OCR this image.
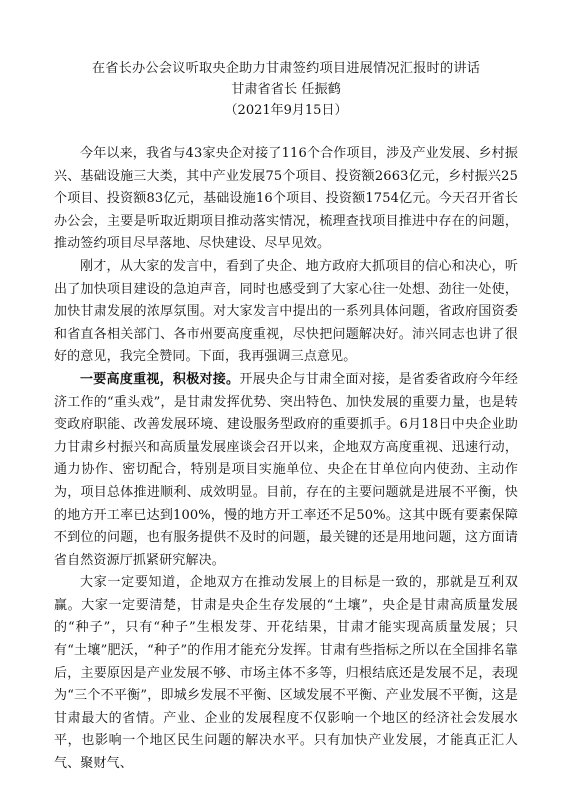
在省长办公会议听取央企助力甘肃签约项目进展情况汇报时的讲话

甘肃省省长 任振鹤

（2021年9月15日）

今年以来，我省与43家央企对接了116个合作项目，涉及产业发展、乡村振兴、基础设施三大类，其中产业发展75个项目、投资额2663亿元，乡村振兴25个项目、投资额83亿元，基础设施16个项目、投资额1754亿元。今天召开省长办公会，主要是听取近期项目推动落实情况，梳理查找项目推进中存在的问题，推动签约项目尽早落地、尽快建设、尽早见效。

刚才，从大家的发言中，看到了央企、地方政府大抓项目的信心和决心，听出了加快项目建设的急迫声音，同时也感受到了大家心往一处想、劲往一处使，加快甘肃发展的浓厚氛围。对大家发言中提出的一系列具体问题，省政府国资委和省直各相关部门、各市州要高度重视，尽快把问题解决好。沛兴同志也讲了很好的意见，我完全赞同。下面，我再强调三点意见。

一要高度重视，积极对接。开展央企与甘肃全面对接，是省委省政府今年经济工作的“重头戏”，是甘肃发挥优势、突出特色、加快发展的重要力量，也是转变政府职能、改善发展环境、建设服务型政府的重要抓手。6月18日中央企业助力甘肃乡村振兴和高质量发展座谈会召开以来，企地双方高度重视、迅速行动，通力协作、密切配合，特别是项目实施单位、央企在甘单位向内使劲、主动作为，项目总体推进顺利、成效明显。目前，存在的主要问题就是进展不平衡，快的地方开工率已达到100%，慢的地方开工率还不足50%。这其中既有要素保障不到位的问题，也有服务提供不及时的问题，最关键的还是用地问题，这方面请省自然资源厅抓紧研究解决。

大家一定要知道，企地双方在推动发展上的目标是一致的，那就是互利双赢。大家一定要清楚，甘肃是央企生存发展的“土壤”，央企是甘肃高质量发展的“种子”，只有“种子”生根发芽、开花结果，甘肃才能实现高质量发展；只有“土壤”肥沃，“种子”的作用才能充分发挥。甘肃有些指标之所以在全国排名靠后，主要原因是产业发展不够、市场主体不多等，归根结底还是发展不足，表现为“三个不平衡”，即城乡发展不平衡、区域发展不平衡、产业发展不平衡，这是甘肃最大的省情。产业、企业的发展程度不仅影响一个地区的经济社会发展水平，也影响一个地区民生问题的解决水平。只有加快产业发展，才能真正汇人气、聚财气、
